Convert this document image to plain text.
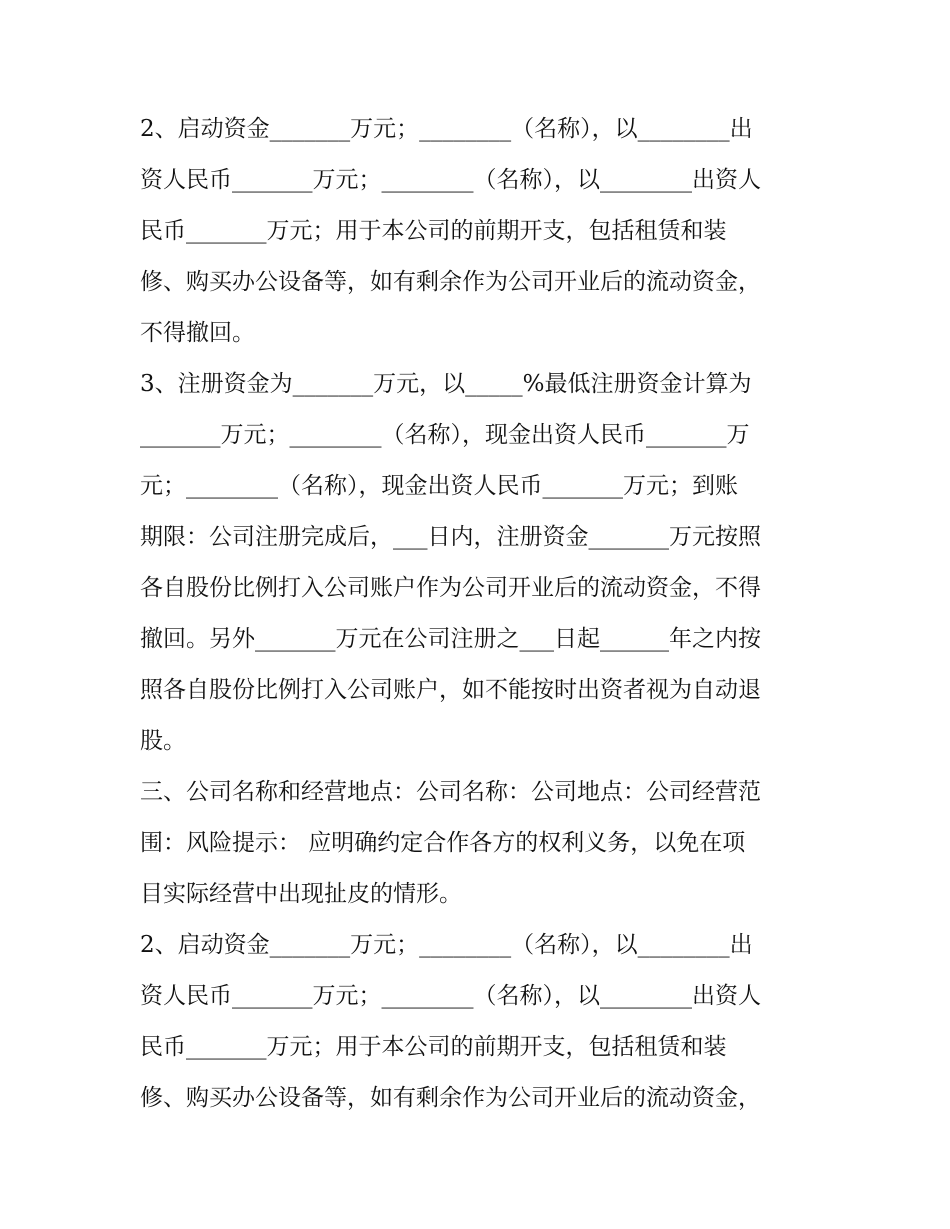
2、启动资金_______万元；________（名称），以________出
资人民币_______万元；________（名称），以________出资人
民币_______万元；用于本公司的前期开支，包括租赁和装
修、购买办公设备等，如有剩余作为公司开业后的流动资金，
不得撤回。
3、注册资金为_______万元，以_____%最低注册资金计算为
_______万元；________（名称），现金出资人民币_______万
元；________（名称），现金出资人民币_______万元；到账
期限：公司注册完成后，___日内，注册资金_______万元按照
各自股份比例打入公司账户作为公司开业后的流动资金，不得
撤回。另外_______万元在公司注册之___日起______年之内按
照各自股份比例打入公司账户，如不能按时出资者视为自动退
股。
三、公司名称和经营地点：公司名称：公司地点：公司经营范
围：风险提示： 应明确约定合作各方的权利义务，以免在项
目实际经营中出现扯皮的情形。
2、启动资金_______万元；________（名称），以________出
资人民币_______万元；________（名称），以________出资人
民币_______万元；用于本公司的前期开支，包括租赁和装
修、购买办公设备等，如有剩余作为公司开业后的流动资金，
